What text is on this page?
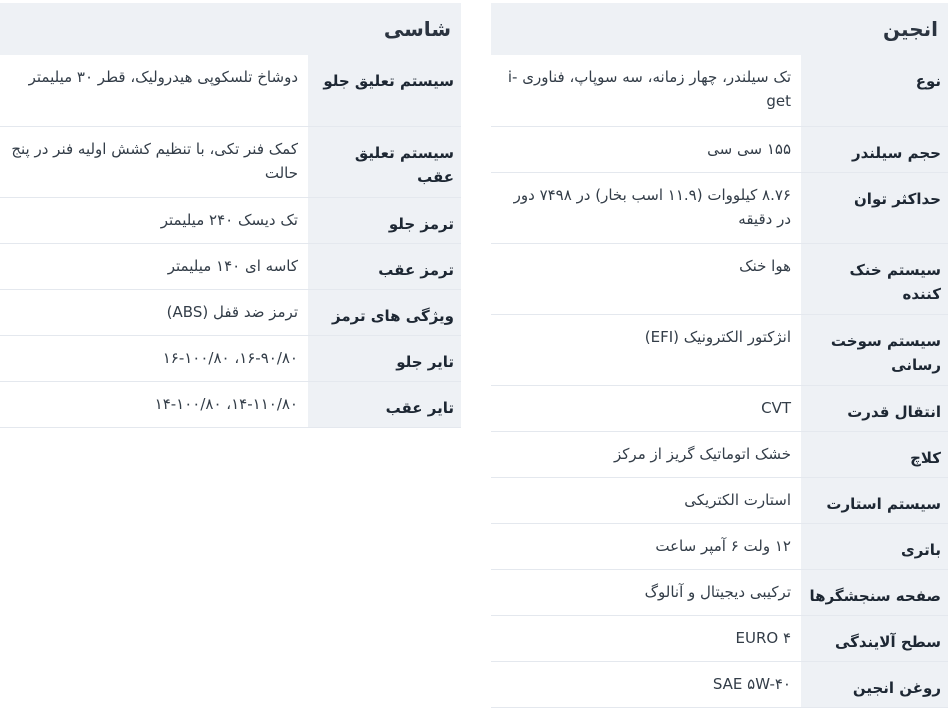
انجین
نوع	تک سیلندر، چهار زمانه، سه سوپاپ، فناوری i-get
حجم سیلندر	۱۵۵ سی سی
حداکثر توان	۸.۷۶ کیلووات (۱۱.۹ اسب بخار) در ۷۴۹۸ دور در دقیقه
سیستم خنک کننده	هوا خنک
سیستم سوخت رسانی	انژکتور الکترونیک (EFI)
انتقال قدرت	CVT
کلاچ	خشک اتوماتیک گریز از مرکز
سیستم استارت	استارت الکتریکی
باتری	۱۲ ولت ۶ آمپر ساعت
صفحه سنجشگرها	ترکیبی دیجیتال و آنالوگ
سطح آلایندگی	EURO ۴
روغن انجین	SAE ۵W-۴۰
شاسی
سیستم تعلیق جلو	دوشاخ تلسکوپی هیدرولیک، قطر ۳۰ میلیمتر
سیستم تعلیق عقب	کمک فنر تکی، با تنظیم کشش اولیه فنر در پنج حالت
ترمز جلو	تک دیسک ۲۴۰ میلیمتر
ترمز عقب	کاسه ای ۱۴۰ میلیمتر
ویژگی های ترمز	ترمز ضد قفل (ABS)
تایر جلو	۱۶-۹۰/۸۰، ۱۶-۱۰۰/۸۰
تایر عقب	۱۴-۱۱۰/۸۰، ۱۴-۱۰۰/۸۰
